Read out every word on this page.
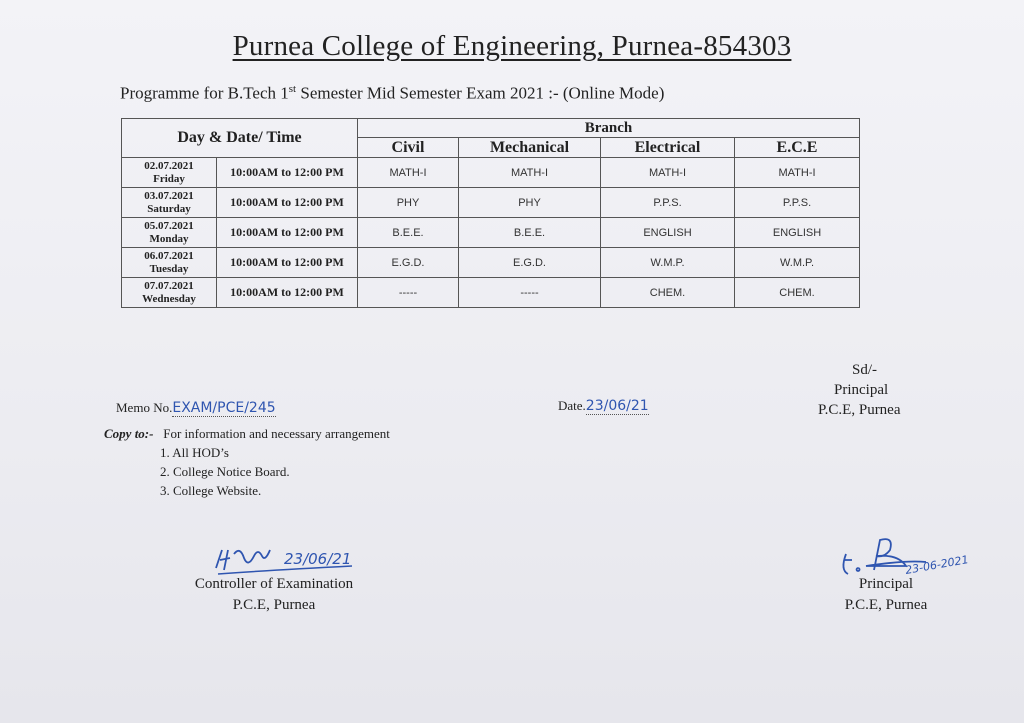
Purnea College of Engineering, Purnea-854303
Programme for B.Tech 1st Semester Mid Semester Exam 2021 :- (Online Mode)
Day & Date/ Time		Branch			
		Civil	Mechanical	Electrical	E.C.E
02.07.2021
Friday	10:00AM to 12:00 PM	MATH-I	MATH-I	MATH-I	MATH-I
03.07.2021
Saturday	10:00AM to 12:00 PM	PHY	PHY	P.P.S.	P.P.S.
05.07.2021
Monday	10:00AM to 12:00 PM	B.E.E.	B.E.E.	ENGLISH	ENGLISH
06.07.2021
Tuesday	10:00AM to 12:00 PM	E.G.D.	E.G.D.	W.M.P.	W.M.P.
07.07.2021
Wednesday	10:00AM to 12:00 PM	-----	-----	CHEM.	CHEM.
Sd/-
Principal
P.C.E, Purnea
Memo No.EXAM/PCE/245	Date.23/06/21
Copy to:- For information and necessary arrangement
1. All HOD’s
2. College Notice Board.
3. College Website.
23/06/21
Controller of Examination
P.C.E, Purnea
23-06-2021
Principal
P.C.E, Purnea
